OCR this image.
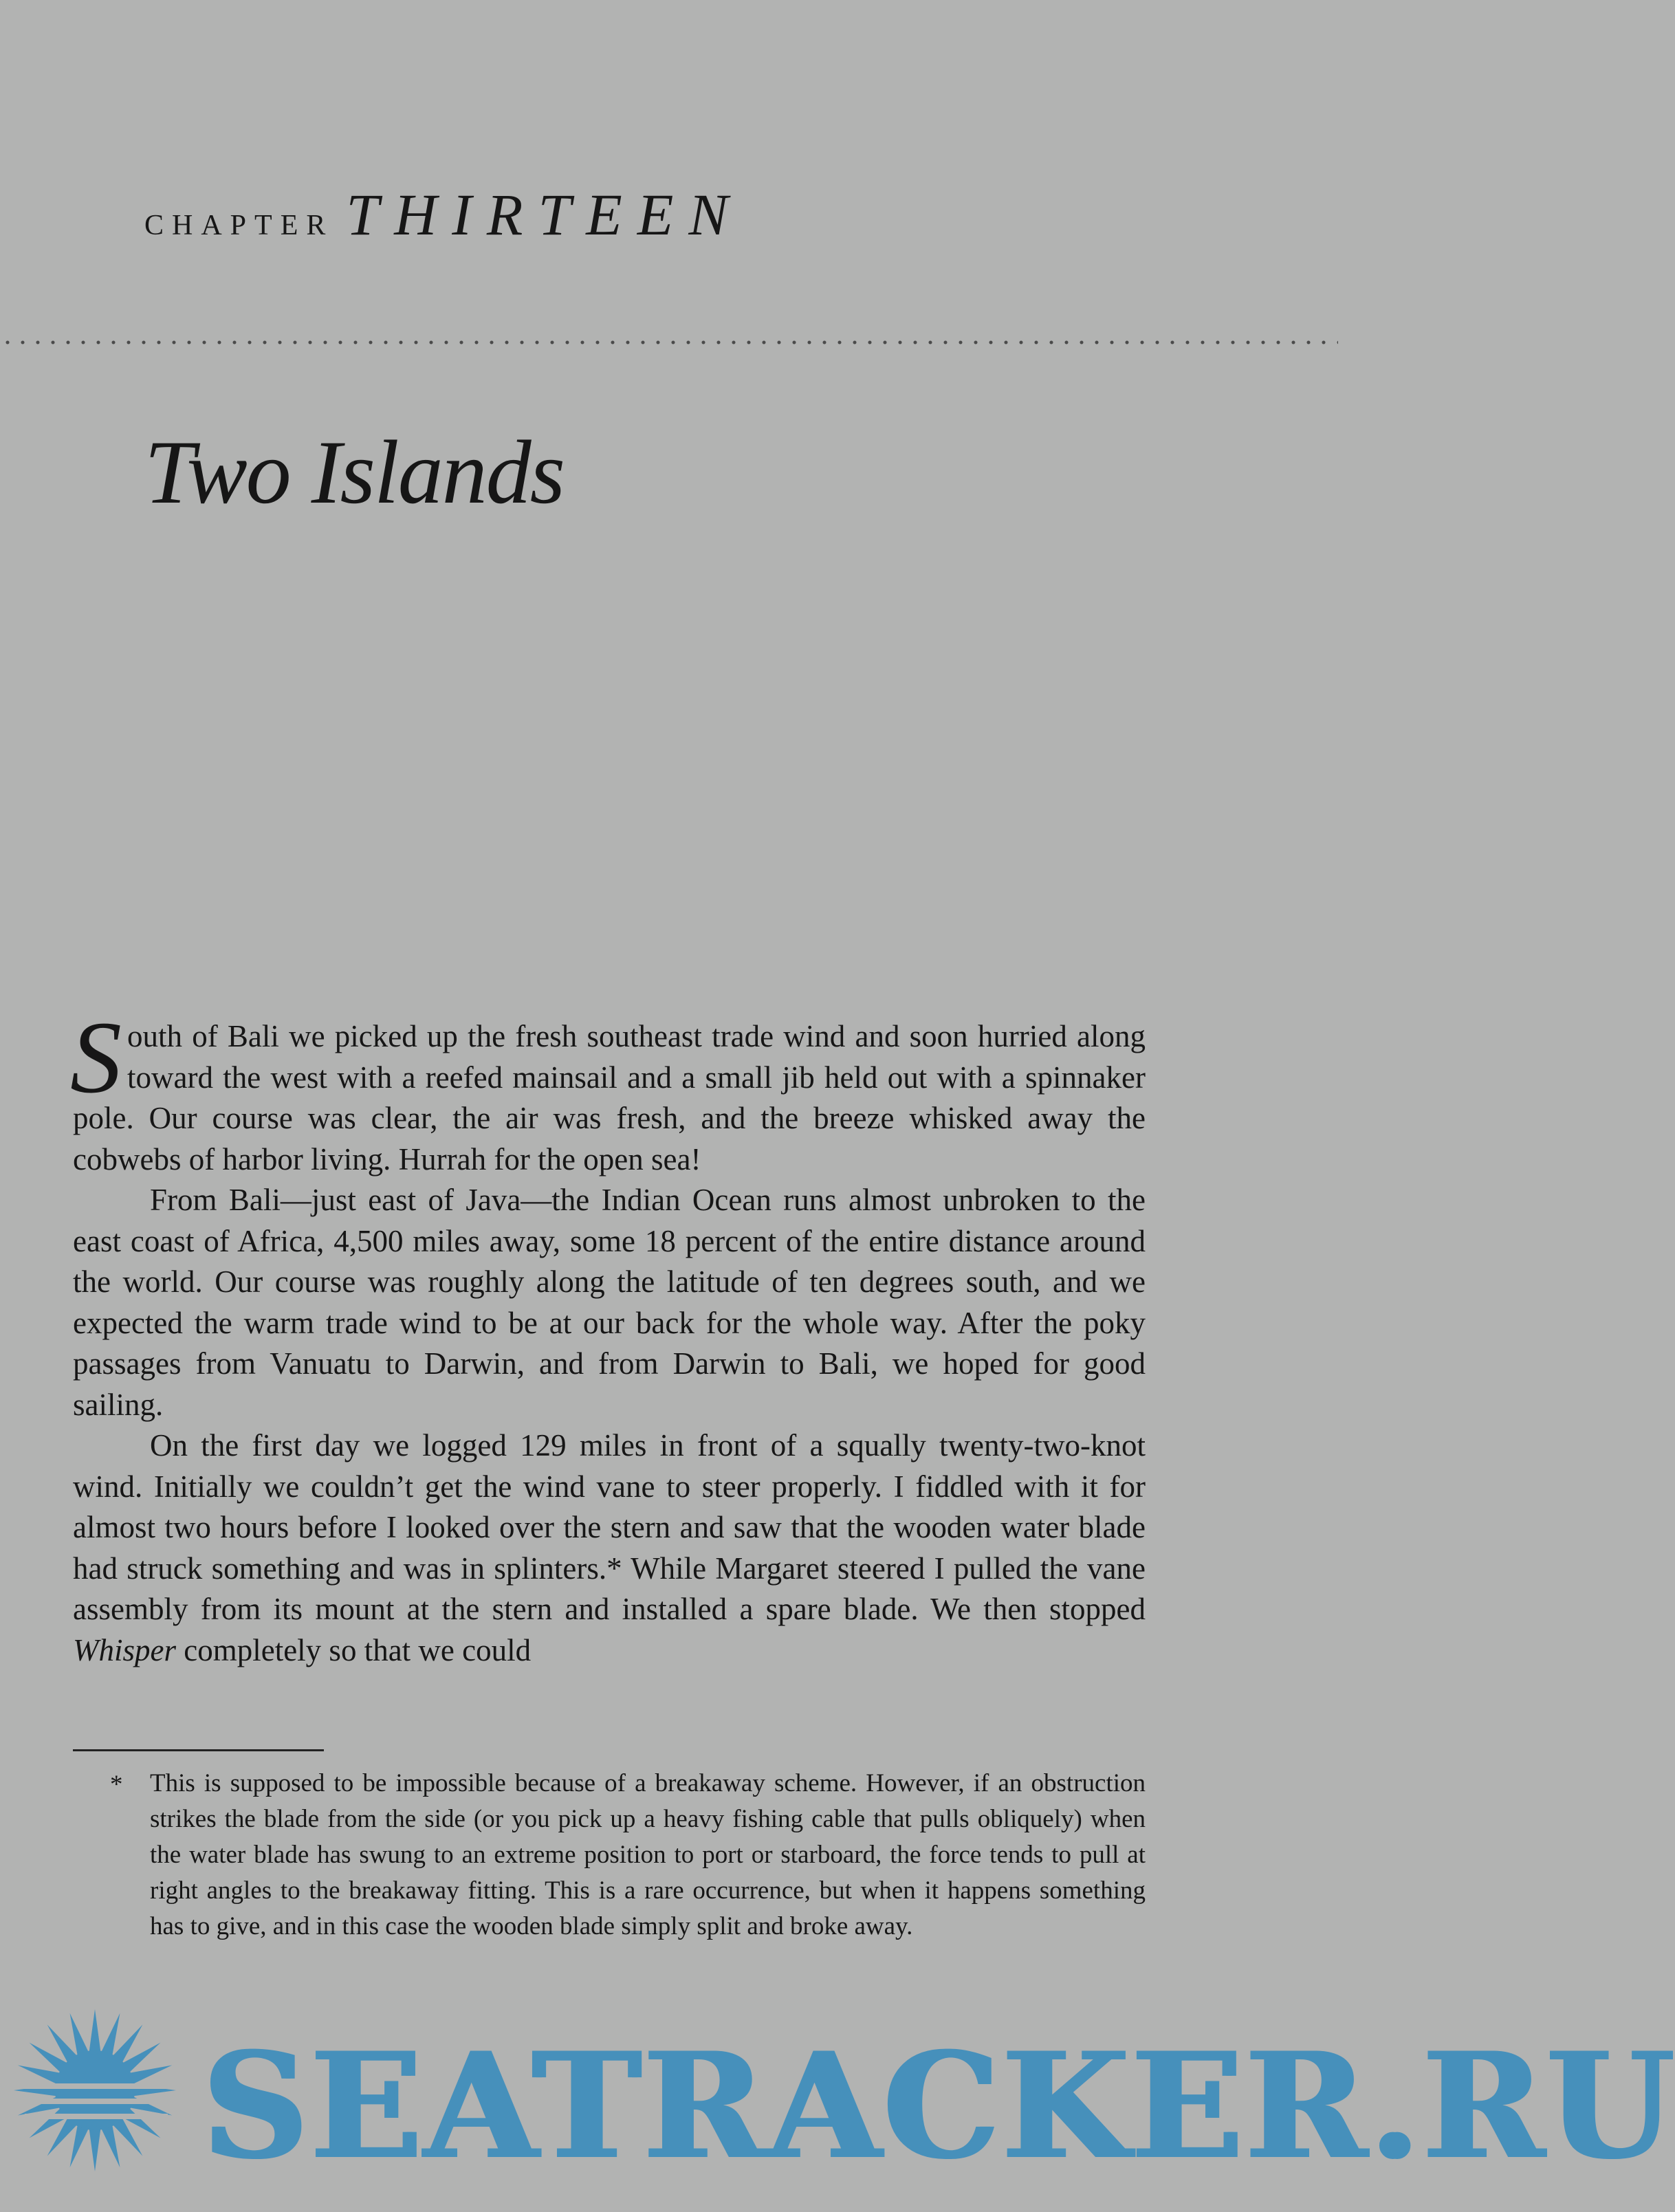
CHAPTER THIRTEEN
Two Islands

South of Bali we picked up the fresh southeast trade wind and soon hurried along toward the west with a reefed mainsail and a small jib held out with a spinnaker pole. Our course was clear, the air was fresh, and the breeze whisked away the cobwebs of harbor living. Hurrah for the open sea!

From Bali—just east of Java—the Indian Ocean runs almost unbroken to the east coast of Africa, 4,500 miles away, some 18 percent of the entire distance around the world. Our course was roughly along the latitude of ten degrees south, and we expected the warm trade wind to be at our back for the whole way. After the poky passages from Vanuatu to Darwin, and from Darwin to Bali, we hoped for good sailing.

On the first day we logged 129 miles in front of a squally twenty-two-knot wind. Initially we couldn’t get the wind vane to steer properly. I fiddled with it for almost two hours before I looked over the stern and saw that the wooden water blade had struck something and was in splinters.* While Margaret steered I pulled the vane assembly from its mount at the stern and installed a spare blade. We then stopped Whisper completely so that we could

*	This is supposed to be impossible because of a breakaway scheme. However, if an obstruction strikes the blade from the side (or you pick up a heavy fishing cable that pulls obliquely) when the water blade has swung to an extreme position to port or starboard, the force tends to pull at right angles to the breakaway fitting. This is a rare occurrence, but when it happens something has to give, and in this case the wooden blade simply split and broke away.
SEATRACKER.RU
